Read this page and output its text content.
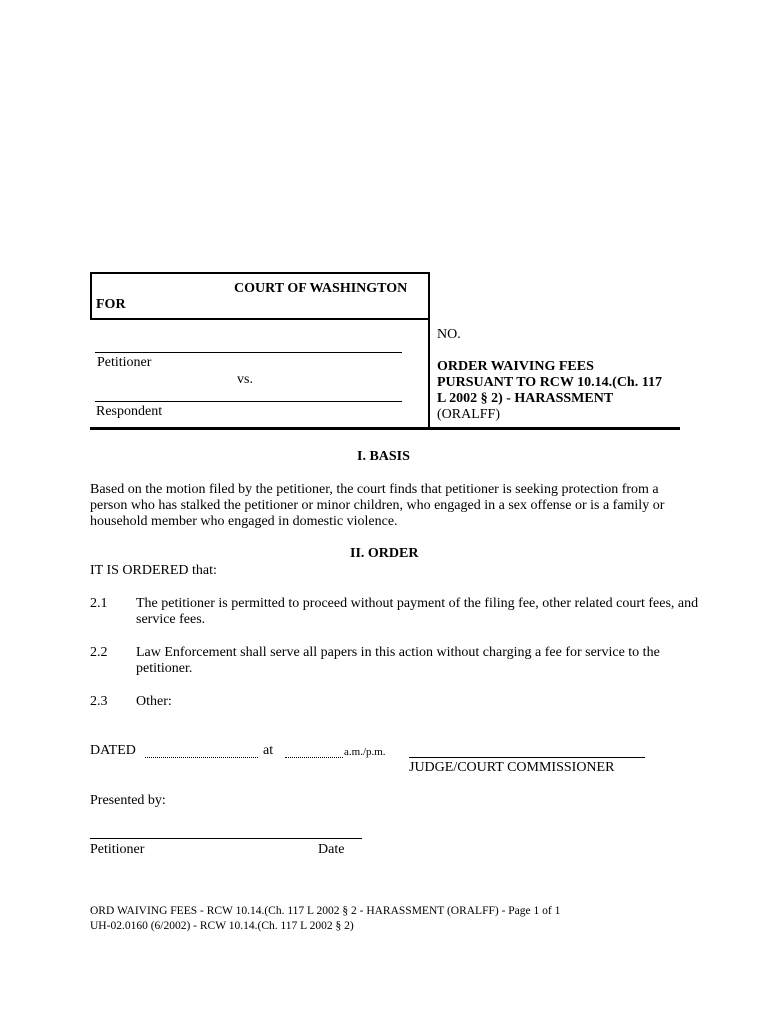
COURT OF WASHINGTON
FOR
Petitioner
vs.
Respondent
NO.
ORDER WAIVING FEES
PURSUANT TO RCW 10.14.(Ch. 117
L 2002 § 2) - HARASSMENT
(ORALFF)
I. BASIS
Based on the motion filed by the petitioner, the court finds that petitioner is seeking protection from a
person who has stalked the petitioner or minor children, who engaged in a sex offense or is a family or
household member who engaged in domestic violence.
II. ORDER
IT IS ORDERED that:
2.1 The petitioner is permitted to proceed without payment of the filing fee, other related court fees, and
service fees.
2.2 Law Enforcement shall serve all papers in this action without charging a fee for service to the
petitioner.
2.3 Other:
DATED	at	a.m./p.m.
JUDGE/COURT COMMISSIONER
Presented by:
Petitioner	Date
ORD WAIVING FEES - RCW 10.14.(Ch. 117 L 2002 § 2 - HARASSMENT (ORALFF) - Page 1 of 1
UH-02.0160 (6/2002) - RCW 10.14.(Ch. 117 L 2002 § 2)
